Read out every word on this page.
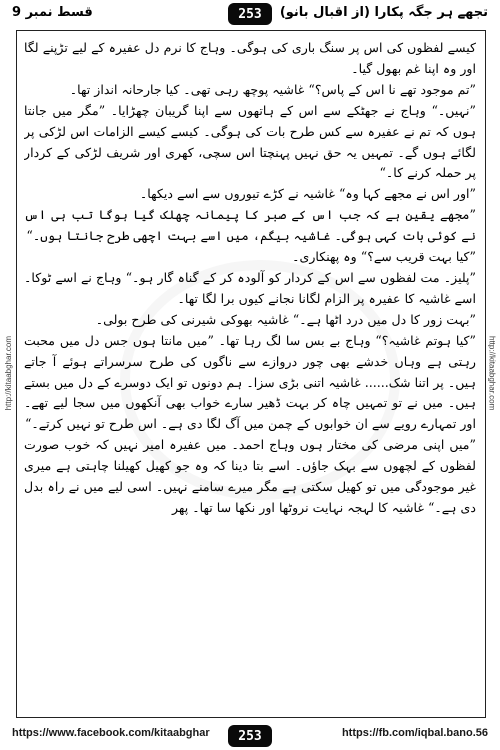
تجھے ہر جگہ پکارا (از اقبال بانو)
253
قسط نمبر 9
http://kitaabghar.com	http://kitaabghar.com

کیسے لفظوں کی اس پر سنگ باری کی ہوگی۔ وہاج کا نرم دل عفیرہ کے لیے تڑپنے لگا اور وہ اپنا غم بھول گیا۔

”تم موجود تھے نا اس کے پاس؟“ غاشیہ پوچھ رہی تھی۔ کیا جارحانہ انداز تھا۔

”نہیں۔“ وہاج نے جھٹکے سے اس کے ہاتھوں سے اپنا گریبان چھڑایا۔ ”مگر میں جانتا ہوں کہ تم نے عفیرہ سے کس طرح بات کی ہوگی۔ کیسے کیسے الزامات اس لڑکی پر لگائے ہوں گے۔ تمہیں یہ حق نہیں پہنچتا اس سچی، کھری اور شریف لڑکی کے کردار پر حملہ کرنے کا۔“

”اور اس نے مجھے کہا وہ“ غاشیہ نے کڑے تیوروں سے اسے دیکھا۔

”مجھے یقین ہے کہ جب اس کے صبر کا پیمانہ چھلک گیا ہوگا تب ہی اس نے کوئی بات کہی ہوگی۔ غاشیہ بیگم، میں اسے بہت اچھی طرح جانتا ہوں۔“

”کیا بہت قریب سے؟“ وہ پھنکاری۔

”پلیز۔ مت لفظوں سے اس کے کردار کو آلودہ کر کے گناہ گار ہو۔“ وہاج نے اسے ٹوکا۔ اسے غاشیہ کا عفیرہ پر الزام لگانا نجانے کیوں برا لگا تھا۔

”بہت زور کا دل میں درد اٹھا ہے۔“ غاشیہ بھوکی شیرنی کی طرح بولی۔

”کیا ہوتم غاشیہ؟“ وہاج بے بس سا لگ رہا تھا۔ ”میں مانتا ہوں جس دل میں محبت رہتی ہے وہاں خدشے بھی چور دروازے سے ناگوں کی طرح سرسراتے ہوئے آ جاتے ہیں۔ پر اتنا شک...... غاشیہ اتنی بڑی سزا۔ ہم دونوں تو ایک دوسرے کے دل میں بستے ہیں۔ میں نے تو تمہیں چاہ کر بہت ڈھیر سارے خواب بھی آنکھوں میں سجا لیے تھے۔ اور تمہارے رویے سے ان خوابوں کے چمن میں آگ لگا دی ہے۔ اس طرح تو نہیں کرتے۔“

”میں اپنی مرضی کی مختار ہوں وہاج احمد۔ میں عفیرہ امیر نہیں کہ خوب صورت لفظوں کے لچھوں سے بہک جاؤں۔ اسے بتا دینا کہ وہ جو کھیل کھیلنا چاہتی ہے میری غیر موجودگی میں تو کھیل سکتی ہے مگر میرے سامنے نہیں۔ اسی لیے میں نے راہ بدل دی ہے۔“ غاشیہ کا لہجہ نہایت نروٹھا اور نکھا سا تھا۔ پھر

https://www.facebook.com/kitaabghar	253	https://fb.com/iqbal.bano.56
